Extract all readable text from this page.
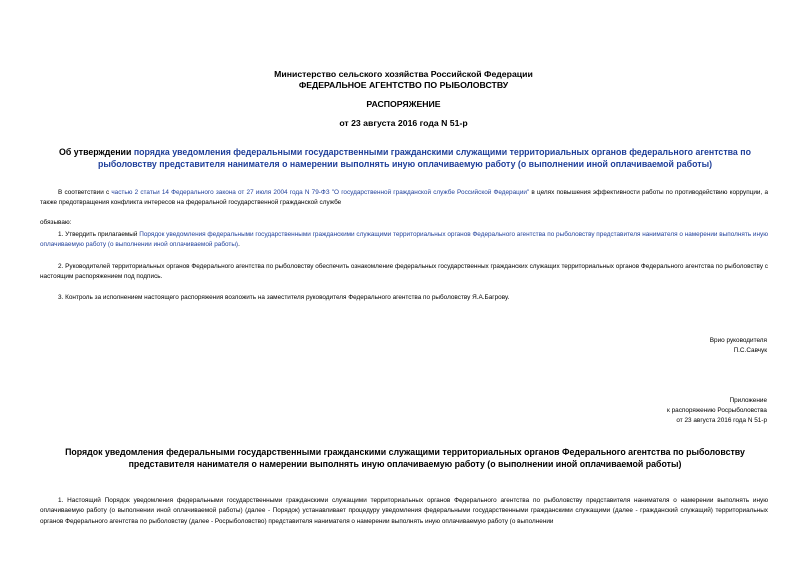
Министерство сельского хозяйства Российской Федерации
ФЕДЕРАЛЬНОЕ АГЕНТСТВО ПО РЫБОЛОВСТВУ
РАСПОРЯЖЕНИЕ
от 23 августа 2016 года N 51-р
Об утверждении порядка уведомления федеральными государственными гражданскими служащими территориальных органов федерального агентства по рыболовству представителя нанимателя о намерении выполнять иную оплачиваемую работу (о выполнении иной оплачиваемой работы)
В соответствии с частью 2 статьи 14 Федерального закона от 27 июля 2004 года N 79-ФЗ "О государственной гражданской службе Российской Федерации" в целях повышения эффективности работы по противодействию коррупции, а также предотвращения конфликта интересов на федеральной государственной гражданской службе
обязываю:
1. Утвердить прилагаемый Порядок уведомления федеральными государственными гражданскими служащими территориальных органов Федерального агентства по рыболовству представителя нанимателя о намерении выполнять иную оплачиваемую работу (о выполнении иной оплачиваемой работы).
2. Руководителей территориальных органов Федерального агентства по рыболовству обеспечить ознакомление федеральных государственных гражданских служащих территориальных органов Федерального агентства по рыболовству с настоящим распоряжением под подпись.
3. Контроль за исполнением настоящего распоряжения возложить на заместителя руководителя Федерального агентства по рыболовству Я.А.Багрову.
Врио руководителя
П.С.Савчук
Приложение
к распоряжению Росрыболовства
от 23 августа 2016 года N 51-р
Порядок уведомления федеральными государственными гражданскими служащими территориальных органов Федерального агентства по рыболовству представителя нанимателя о намерении выполнять иную оплачиваемую работу (о выполнении иной оплачиваемой работы)
1. Настоящий Порядок уведомления федеральными государственными гражданскими служащими территориальных органов Федерального агентства по рыболовству представителя нанимателя о намерении выполнять иную оплачиваемую работу (о выполнении иной оплачиваемой работы) (далее - Порядок) устанавливает процедуру уведомления федеральными государственными гражданскими служащими (далее - гражданский служащий) территориальных органов Федерального агентства по рыболовству (далее - Росрыболовство) представителя нанимателя о намерении выполнять иную оплачиваемую работу (о выполнении
